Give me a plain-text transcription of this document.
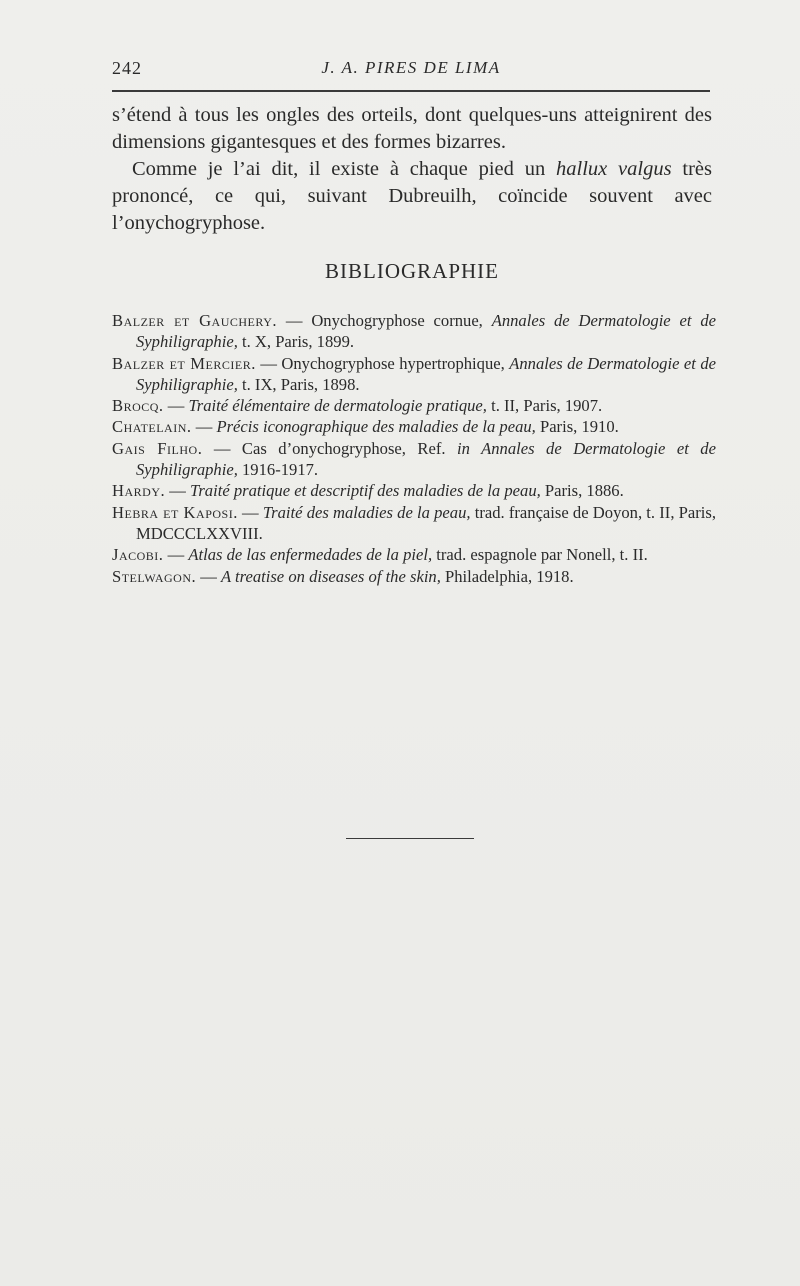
242	J. A. PIRES DE LIMA

s’étend à tous les ongles des orteils, dont quelques-uns atteignirent des dimensions gigantesques et des formes bizarres.

Comme je l’ai dit, il existe à chaque pied un hallux valgus très prononcé, ce qui, suivant Dubreuilh, coïncide souvent avec l’onychogryphose.

BIBLIOGRAPHIE
Balzer et Gauchery. — Onychogryphose cornue, Annales de Dermatologie et de Syphiligraphie, t. X, Paris, 1899.
Balzer et Mercier. — Onychogryphose hypertrophique, Annales de Dermatologie et de Syphiligraphie, t. IX, Paris, 1898.
Brocq. — Traité élémentaire de dermatologie pratique, t. II, Paris, 1907.
Chatelain. — Précis iconographique des maladies de la peau, Paris, 1910.
Gais Filho. — Cas d’onychogryphose, Ref. in Annales de Dermatologie et de Syphiligraphie, 1916-1917.
Hardy. — Traité pratique et descriptif des maladies de la peau, Paris, 1886.
Hebra et Kaposi. — Traité des maladies de la peau, trad. française de Doyon, t. II, Paris, MDCCCLXXVIII.
Jacobi. — Atlas de las enfermedades de la piel, trad. espagnole par Nonell, t. II.
Stelwagon. — A treatise on diseases of the skin, Philadelphia, 1918.
